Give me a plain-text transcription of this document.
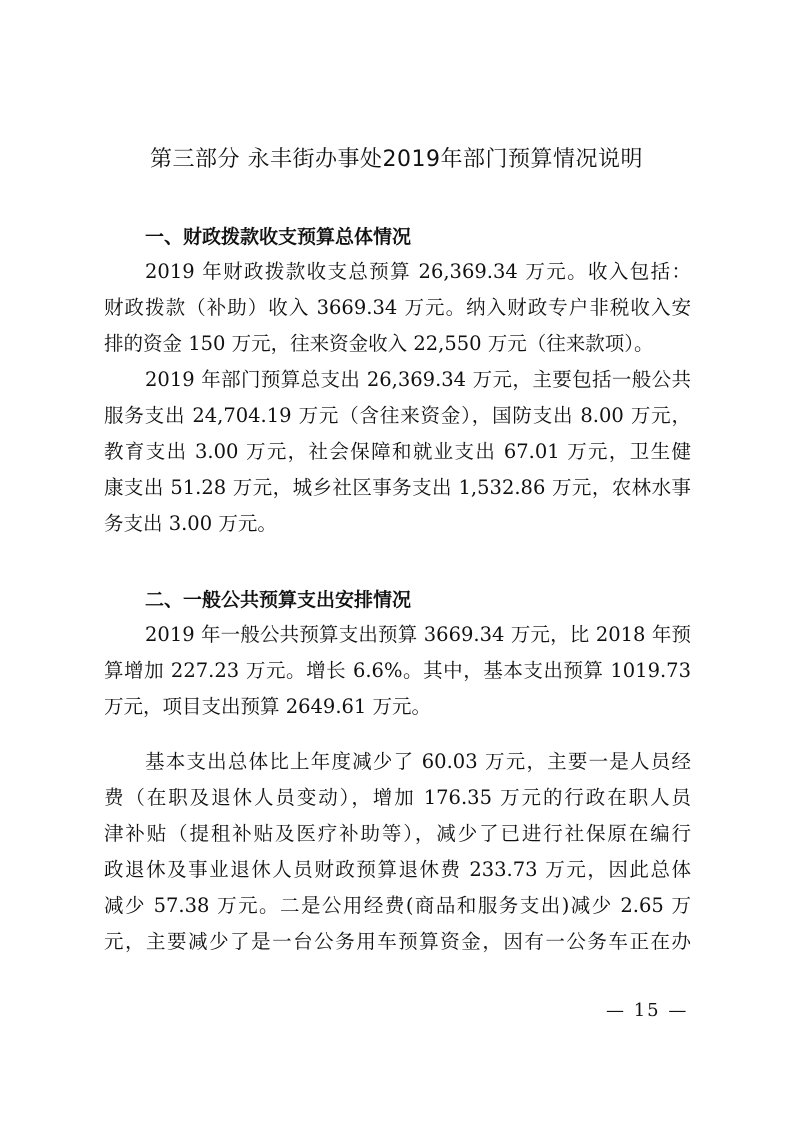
第三部分 永丰街办事处2019年部门预算情况说明
一、财政拨款收支预算总体情况
2019 年财政拨款收支总预算 26,369.34 万元。收入包括：
财政拨款（补助）收入 3669.34 万元。纳入财政专户非税收入安
排的资金 150 万元，往来资金收入 22,550 万元（往来款项）。
2019 年部门预算总支出 26,369.34 万元，主要包括一般公共
服务支出 24,704.19 万元（含往来资金），国防支出 8.00 万元，
教育支出 3.00 万元，社会保障和就业支出 67.01 万元，卫生健
康支出 51.28 万元，城乡社区事务支出 1,532.86 万元，农林水事
务支出 3.00 万元。
二、一般公共预算支出安排情况
2019 年一般公共预算支出预算 3669.34 万元，比 2018 年预
算增加 227.23 万元。增长 6.6%。其中，基本支出预算 1019.73
万元，项目支出预算 2649.61 万元。
基本支出总体比上年度减少了 60.03 万元，主要一是人员经
费（在职及退休人员变动），增加 176.35 万元的行政在职人员
津补贴（提租补贴及医疗补助等），减少了已进行社保原在编行
政退休及事业退休人员财政预算退休费 233.73 万元，因此总体
减少 57.38 万元。二是公用经费(商品和服务支出)减少 2.65 万
元，主要减少了是一台公务用车预算资金，因有一公务车正在办
— 15 —
